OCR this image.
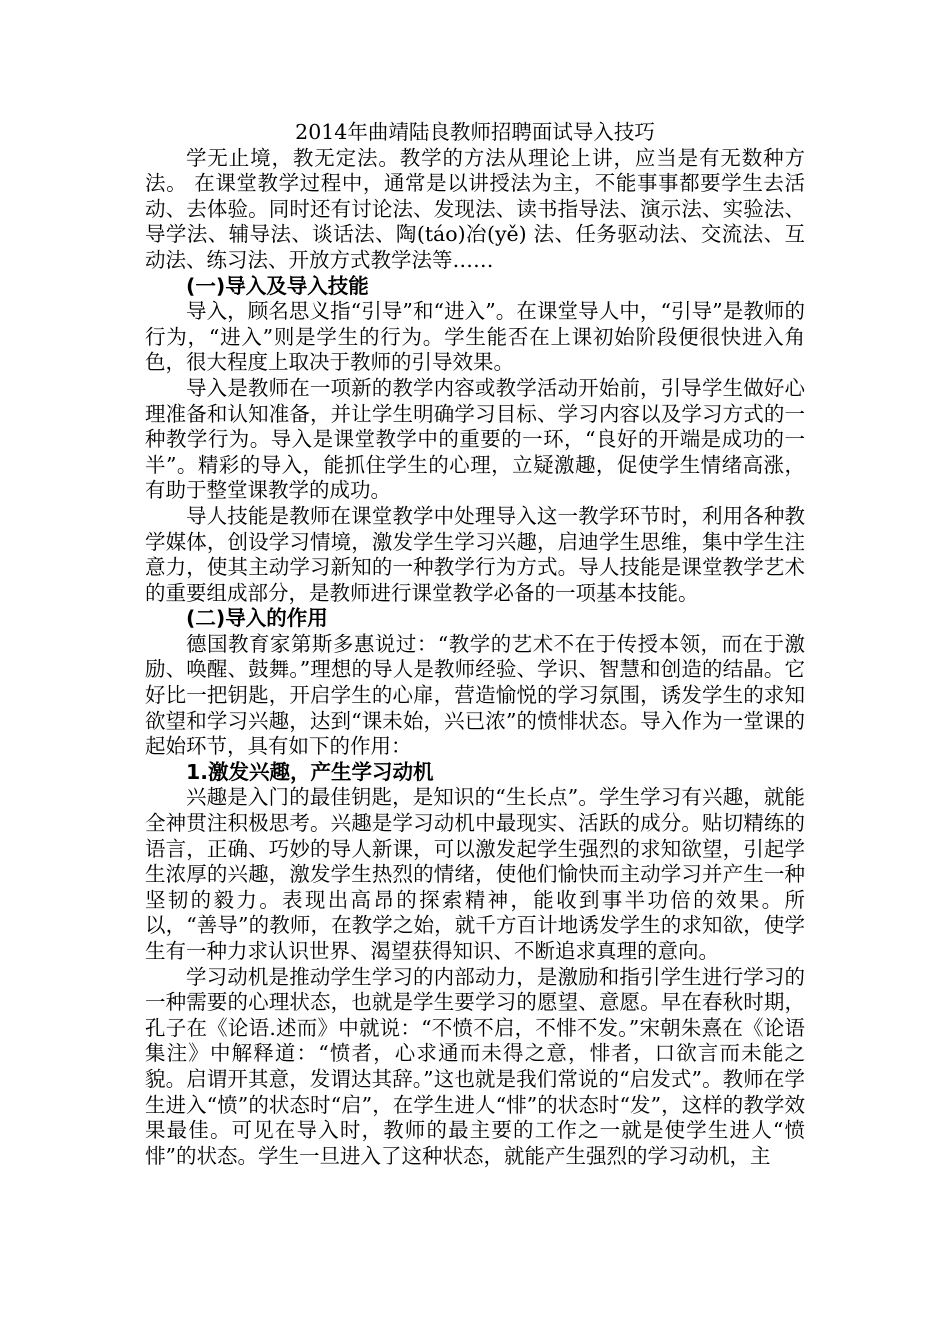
2014年曲靖陆良教师招聘面试导入技巧

学无止境，教无定法。教学的方法从理论上讲，应当是有无数种方法。 在课堂教学过程中，通常是以讲授法为主，不能事事都要学生去活动、去体验。同时还有讨论法、发现法、读书指导法、演示法、实验法、导学法、辅导法、谈话法、陶(táo)冶(yě) 法、任务驱动法、交流法、互动法、练习法、开放方式教学法等……

(一)导入及导入技能

导入，顾名思义指“引导”和“进入”。在课堂导人中，“引导”是教师的行为，“进入”则是学生的行为。学生能否在上课初始阶段便很快进入角色，很大程度上取决于教师的引导效果。

导入是教师在一项新的教学内容或教学活动开始前，引导学生做好心理准备和认知准备，并让学生明确学习目标、学习内容以及学习方式的一种教学行为。导入是课堂教学中的重要的一环，“良好的开端是成功的一半”。精彩的导入，能抓住学生的心理，立疑激趣，促使学生情绪高涨，有助于整堂课教学的成功。

导人技能是教师在课堂教学中处理导入这一教学环节时，利用各种教学媒体，创设学习情境，激发学生学习兴趣，启迪学生思维，集中学生注意力，使其主动学习新知的一种教学行为方式。导人技能是课堂教学艺术的重要组成部分，是教师进行课堂教学必备的一项基本技能。

(二)导入的作用

德国教育家第斯多惠说过：“教学的艺术不在于传授本领，而在于激励、唤醒、鼓舞。”理想的导人是教师经验、学识、智慧和创造的结晶。它好比一把钥匙，开启学生的心扉，营造愉悦的学习氛围，诱发学生的求知欲望和学习兴趣，达到“课未始，兴已浓”的愤悱状态。导入作为一堂课的起始环节，具有如下的作用：

1.激发兴趣，产生学习动机

兴趣是入门的最佳钥匙，是知识的“生长点”。学生学习有兴趣，就能全神贯注积极思考。兴趣是学习动机中最现实、活跃的成分。贴切精练的语言，正确、巧妙的导人新课，可以激发起学生强烈的求知欲望，引起学生浓厚的兴趣，激发学生热烈的情绪，使他们愉快而主动学习并产生一种坚韧的毅力。表现出高昂的探索精神，能收到事半功倍的效果。所以，“善导”的教师，在教学之始，就千方百计地诱发学生的求知欲，使学生有一种力求认识世界、渴望获得知识、不断追求真理的意向。

学习动机是推动学生学习的内部动力，是激励和指引学生进行学习的一种需要的心理状态，也就是学生要学习的愿望、意愿。早在春秋时期，孔子在《论语.述而》中就说：“不愤不启，不悱不发。”宋朝朱熹在《论语集注》中解释道：“愤者，心求通而未得之意，悱者，口欲言而未能之貌。启谓开其意，发谓达其辞。”这也就是我们常说的“启发式”。教师在学生进入“愤”的状态时“启”，在学生进人“悱”的状态时“发”，这样的教学效果最佳。可见在导入时，教师的最主要的工作之一就是使学生进人“愤悱”的状态。学生一旦进入了这种状态，就能产生强烈的学习动机，主
